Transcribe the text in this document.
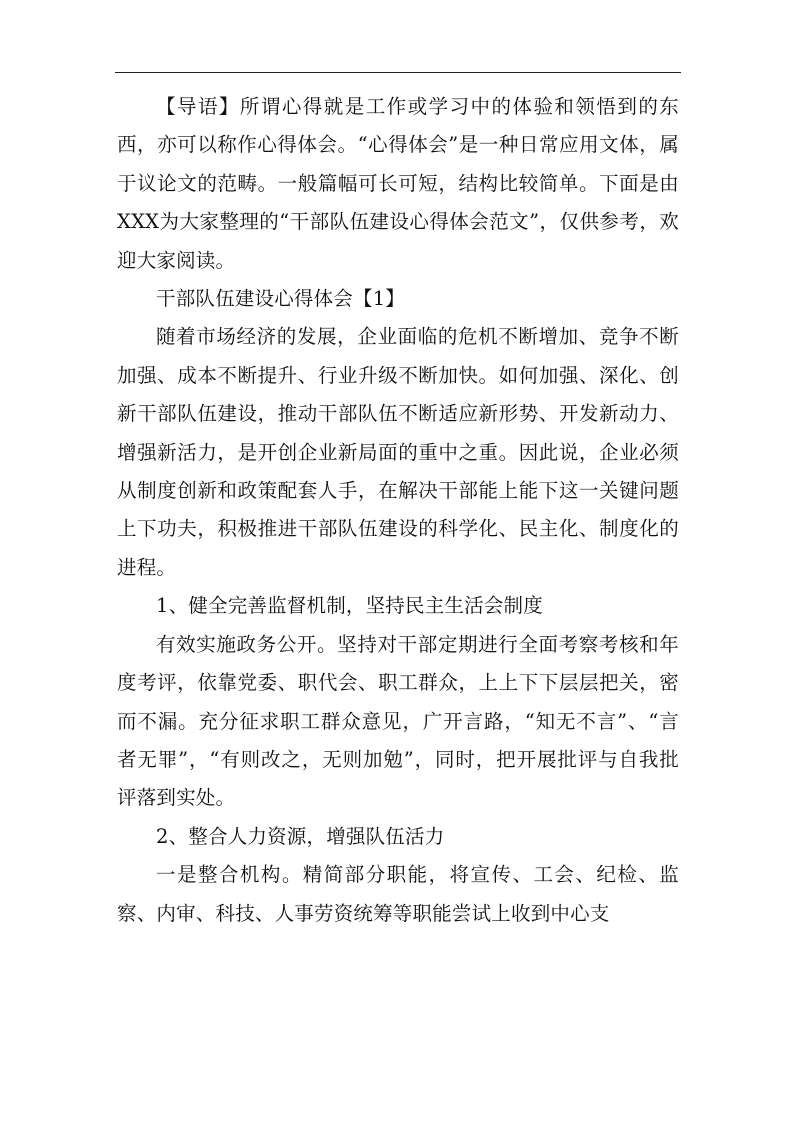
【导语】所谓心得就是工作或学习中的体验和领悟到的东西，亦可以称作心得体会。“心得体会”是一种日常应用文体，属于议论文的范畴。一般篇幅可长可短，结构比较简单。下面是由XXX为大家整理的“干部队伍建设心得体会范文”，仅供参考，欢迎大家阅读。

干部队伍建设心得体会【1】

随着市场经济的发展，企业面临的危机不断增加、竞争不断加强、成本不断提升、行业升级不断加快。如何加强、深化、创新干部队伍建设，推动干部队伍不断适应新形势、开发新动力、增强新活力，是开创企业新局面的重中之重。因此说，企业必须从制度创新和政策配套人手，在解决干部能上能下这一关键问题上下功夫，积极推进干部队伍建设的科学化、民主化、制度化的进程。

1、健全完善监督机制，坚持民主生活会制度

有效实施政务公开。坚持对干部定期进行全面考察考核和年度考评，依靠党委、职代会、职工群众，上上下下层层把关，密而不漏。充分征求职工群众意见，广开言路，“知无不言”、“言者无罪”，“有则改之，无则加勉”，同时，把开展批评与自我批评落到实处。

2、整合人力资源，增强队伍活力

一是整合机构。精简部分职能，将宣传、工会、纪检、监察、内审、科技、人事劳资统筹等职能尝试上收到中心支
